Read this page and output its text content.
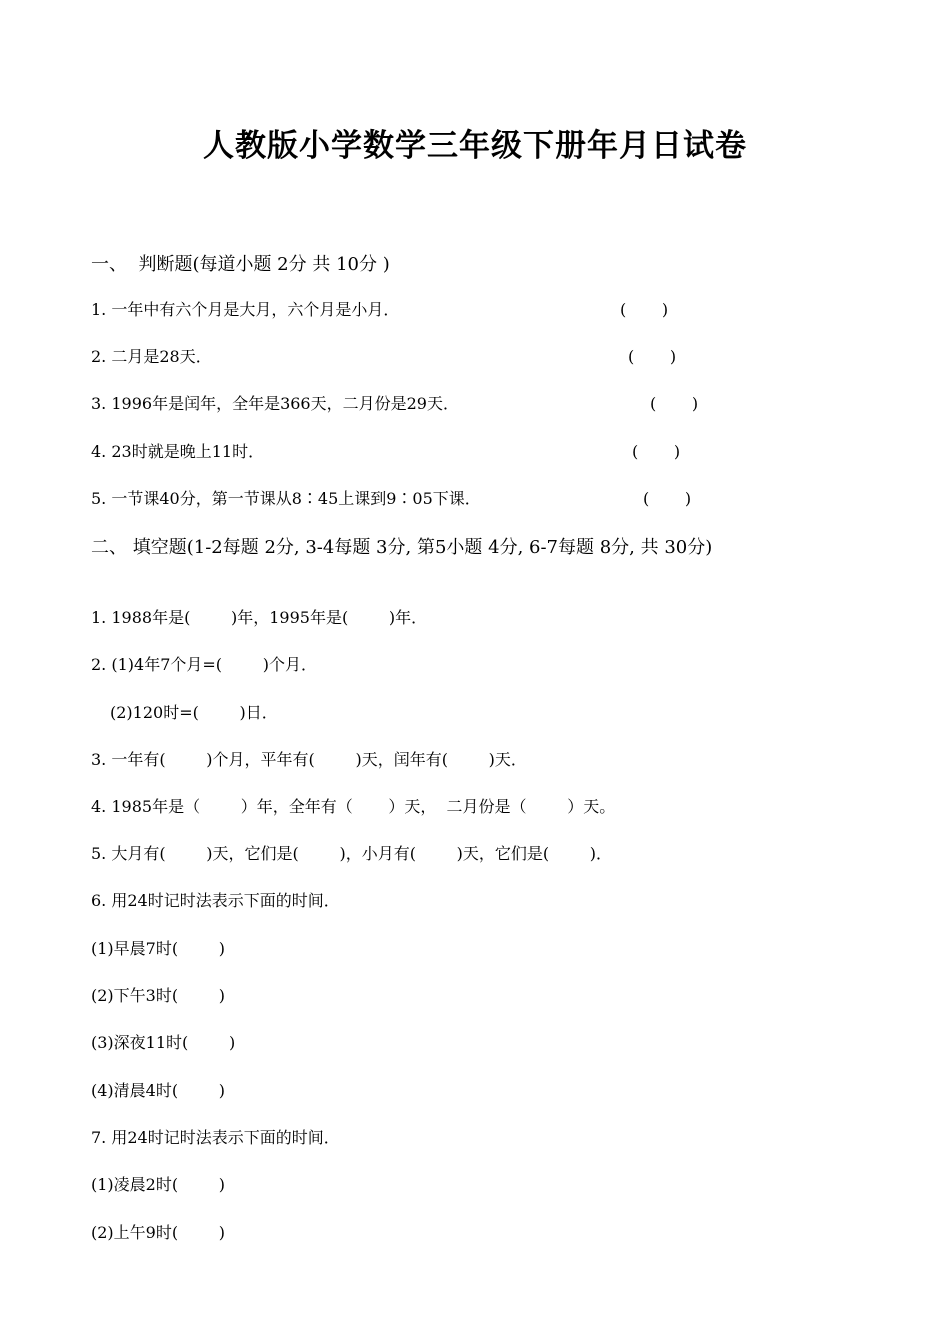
人教版小学数学三年级下册年月日试卷
一、  判断题(每道小题 2分 共 10分 )
1. 一年中有六个月是大月，六个月是小月．	(       )
2. 二月是28天．	(       )
3. 1996年是闰年，全年是366天，二月份是29天．	(       )
4. 23时就是晚上11时．	(       )
5. 一节课40分，第一节课从8∶45上课到9∶05下课．	(       )
二、 填空题(1-2每题 2分, 3-4每题 3分, 第5小题 4分, 6-7每题 8分, 共 30分)
1. 1988年是(        )年，1995年是(        )年．
2. (1)4年7个月=(        )个月．
(2)120时=(        )日．
3. 一年有(        )个月，平年有(        )天，闰年有(        )天．
4. 1985年是（        ）年，全年有（       ）天，  二月份是（        ）天。
5. 大月有(        )天，它们是(        )，小月有(        )天，它们是(        )．
6. 用24时记时法表示下面的时间．
(1)早晨7时(        )
(2)下午3时(        )
(3)深夜11时(        )
(4)清晨4时(        )
7. 用24时记时法表示下面的时间．
(1)凌晨2时(        )
(2)上午9时(        )
